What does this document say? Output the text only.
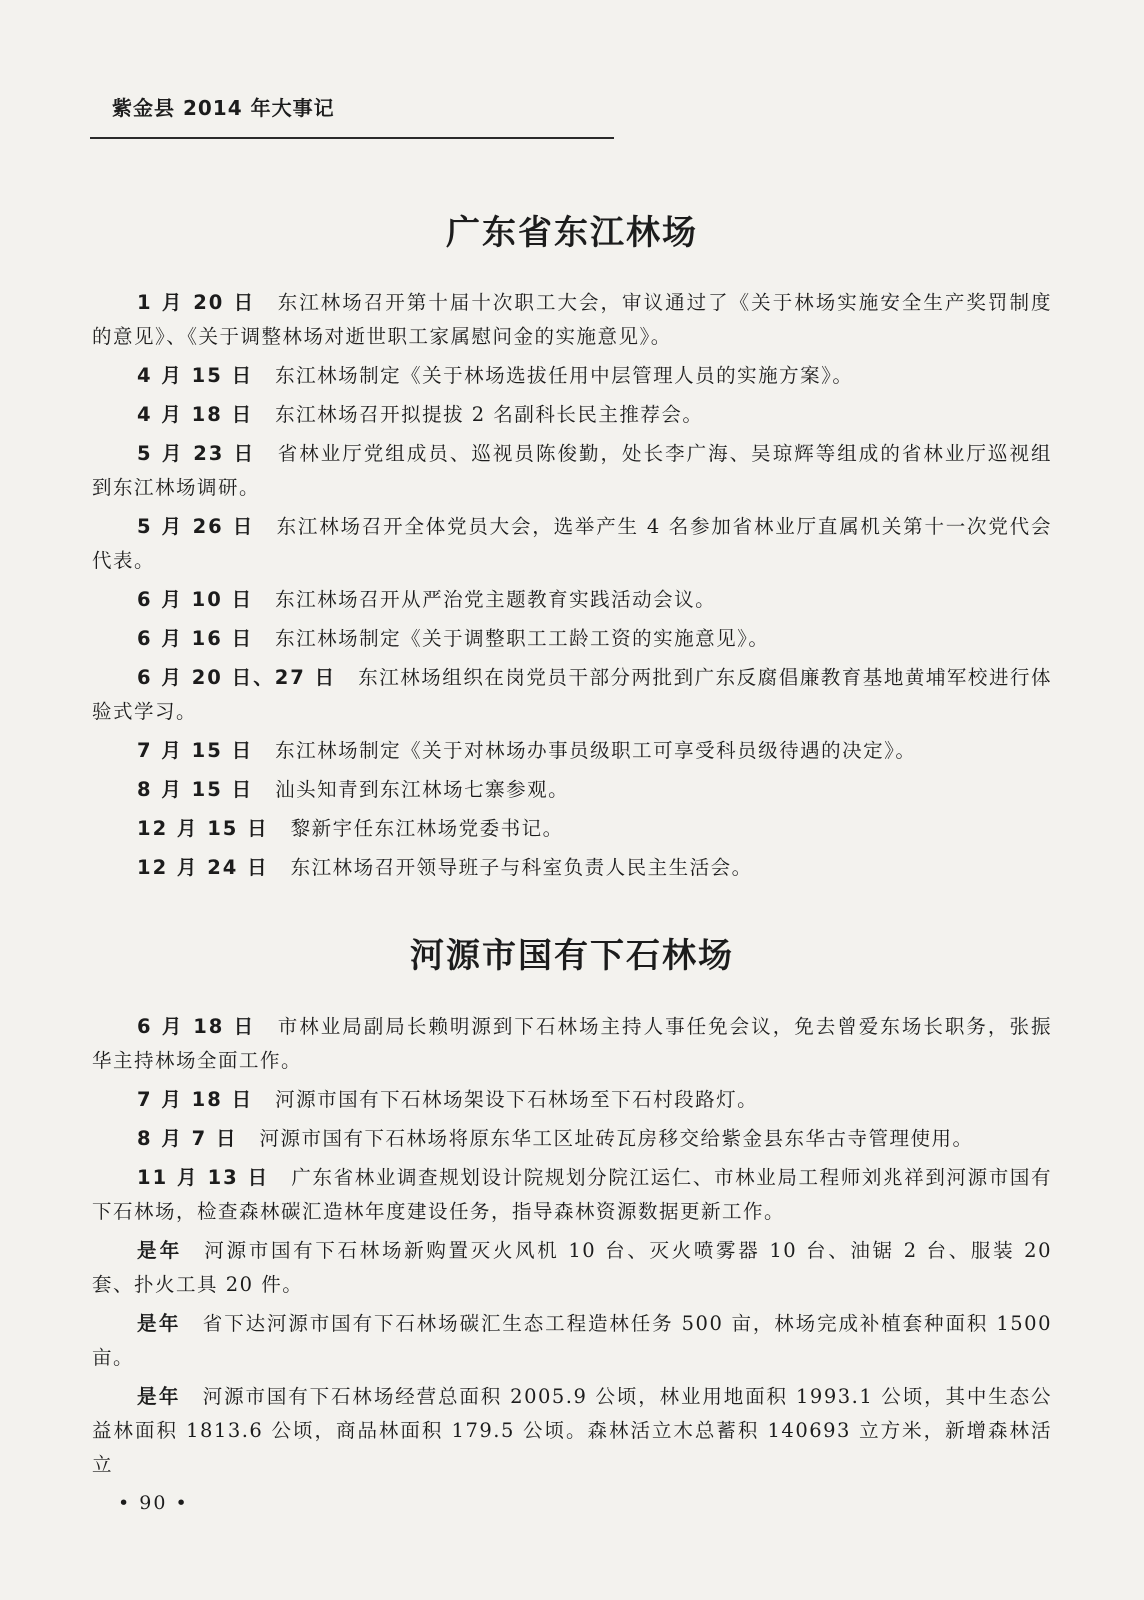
紫金县 2014 年大事记
广东省东江林场

1 月 20 日 东江林场召开第十届十次职工大会，审议通过了《关于林场实施安全生产奖罚制度的意见》、《关于调整林场对逝世职工家属慰问金的实施意见》。

4 月 15 日 东江林场制定《关于林场选拔任用中层管理人员的实施方案》。

4 月 18 日 东江林场召开拟提拔 2 名副科长民主推荐会。

5 月 23 日 省林业厅党组成员、巡视员陈俊勤，处长李广海、吴琼辉等组成的省林业厅巡视组到东江林场调研。

5 月 26 日 东江林场召开全体党员大会，选举产生 4 名参加省林业厅直属机关第十一次党代会代表。

6 月 10 日 东江林场召开从严治党主题教育实践活动会议。

6 月 16 日 东江林场制定《关于调整职工工龄工资的实施意见》。

6 月 20 日、27 日 东江林场组织在岗党员干部分两批到广东反腐倡廉教育基地黄埔军校进行体验式学习。

7 月 15 日 东江林场制定《关于对林场办事员级职工可享受科员级待遇的决定》。

8 月 15 日 汕头知青到东江林场七寨参观。

12 月 15 日 黎新宇任东江林场党委书记。

12 月 24 日 东江林场召开领导班子与科室负责人民主生活会。

河源市国有下石林场

6 月 18 日 市林业局副局长赖明源到下石林场主持人事任免会议，免去曾爱东场长职务，张振华主持林场全面工作。

7 月 18 日 河源市国有下石林场架设下石林场至下石村段路灯。

8 月 7 日 河源市国有下石林场将原东华工区址砖瓦房移交给紫金县东华古寺管理使用。

11 月 13 日 广东省林业调查规划设计院规划分院江运仁、市林业局工程师刘兆祥到河源市国有下石林场，检查森林碳汇造林年度建设任务，指导森林资源数据更新工作。

是年 河源市国有下石林场新购置灭火风机 10 台、灭火喷雾器 10 台、油锯 2 台、服装 20 套、扑火工具 20 件。

是年 省下达河源市国有下石林场碳汇生态工程造林任务 500 亩，林场完成补植套种面积 1500 亩。

是年 河源市国有下石林场经营总面积 2005.9 公顷，林业用地面积 1993.1 公顷，其中生态公益林面积 1813.6 公顷，商品林面积 179.5 公顷。森林活立木总蓄积 140693 立方米，新增森林活立

• 90 •
